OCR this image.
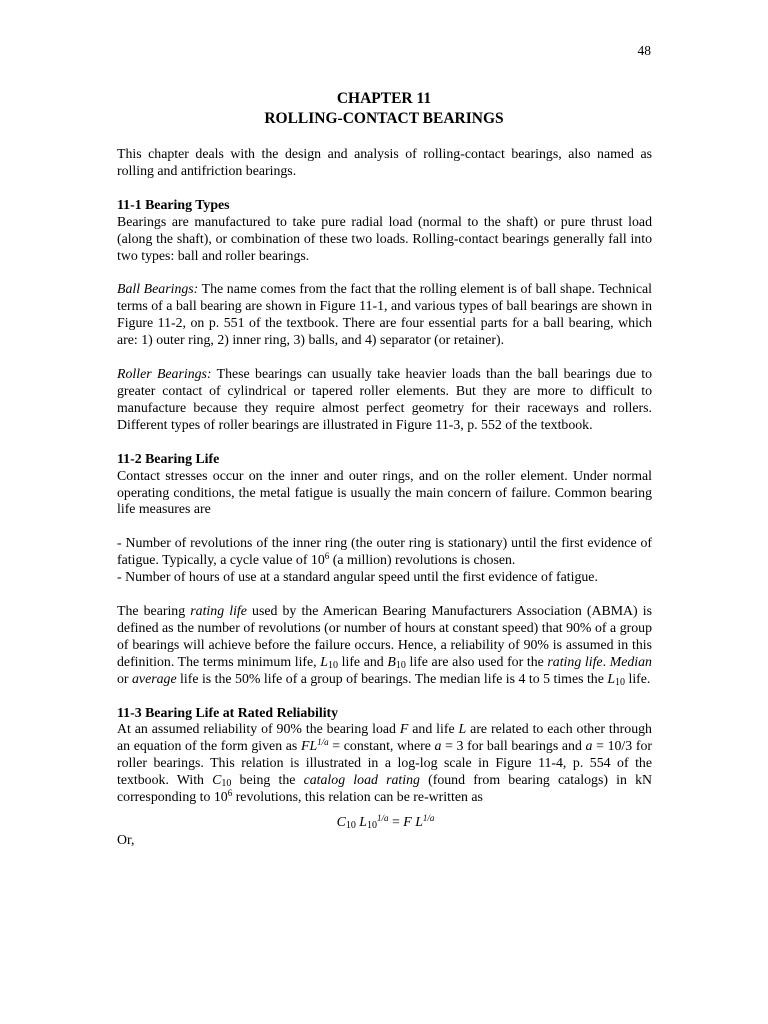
48
CHAPTER 11
ROLLING-CONTACT BEARINGS

This chapter deals with the design and analysis of rolling-contact bearings, also named as rolling and antifriction bearings.

11-1 Bearing Types

Bearings are manufactured to take pure radial load (normal to the shaft) or pure thrust load (along the shaft), or combination of these two loads. Rolling-contact bearings generally fall into two types: ball and roller bearings.

Ball Bearings: The name comes from the fact that the rolling element is of ball shape. Technical terms of a ball bearing are shown in Figure 11-1, and various types of ball bearings are shown in Figure 11-2, on p. 551 of the textbook. There are four essential parts for a ball bearing, which are: 1) outer ring, 2) inner ring, 3) balls, and 4) separator (or retainer).

Roller Bearings: These bearings can usually take heavier loads than the ball bearings due to greater contact of cylindrical or tapered roller elements. But they are more to difficult to manufacture because they require almost perfect geometry for their raceways and rollers. Different types of roller bearings are illustrated in Figure 11-3, p. 552 of the textbook.

11-2 Bearing Life

Contact stresses occur on the inner and outer rings, and on the roller element. Under normal operating conditions, the metal fatigue is usually the main concern of failure. Common bearing life measures are

- Number of revolutions of the inner ring (the outer ring is stationary) until the first evidence of fatigue. Typically, a cycle value of $10^6$ (a million) revolutions is chosen.

- Number of hours of use at a standard angular speed until the first evidence of fatigue.

The bearing rating life used by the American Bearing Manufacturers Association (ABMA) is defined as the number of revolutions (or number of hours at constant speed) that 90% of a group of bearings will achieve before the failure occurs. Hence, a reliability of 90% is assumed in this definition. The terms minimum life, $L_{10}$ life and $B_{10}$ life are also used for the rating life. Median or average life is the 50% life of a group of bearings. The median life is 4 to 5 times the $L_{10}$ life.

11-3 Bearing Life at Rated Reliability

At an assumed reliability of 90% the bearing load F and life L are related to each other through an equation of the form given as $FL^{1/a}$ = constant, where a = 3 for ball bearings and a = 10/3 for roller bearings. This relation is illustrated in a log-log scale in Figure 11-4, p. 554 of the textbook. With $C_{10}$ being the catalog load rating (found from bearing catalogs) in kN corresponding to $10^6$ revolutions, this relation can be re-written as

$C_{10}$ $L_{10}^{1/a} = F$ $L^{1/a}$

Or,
